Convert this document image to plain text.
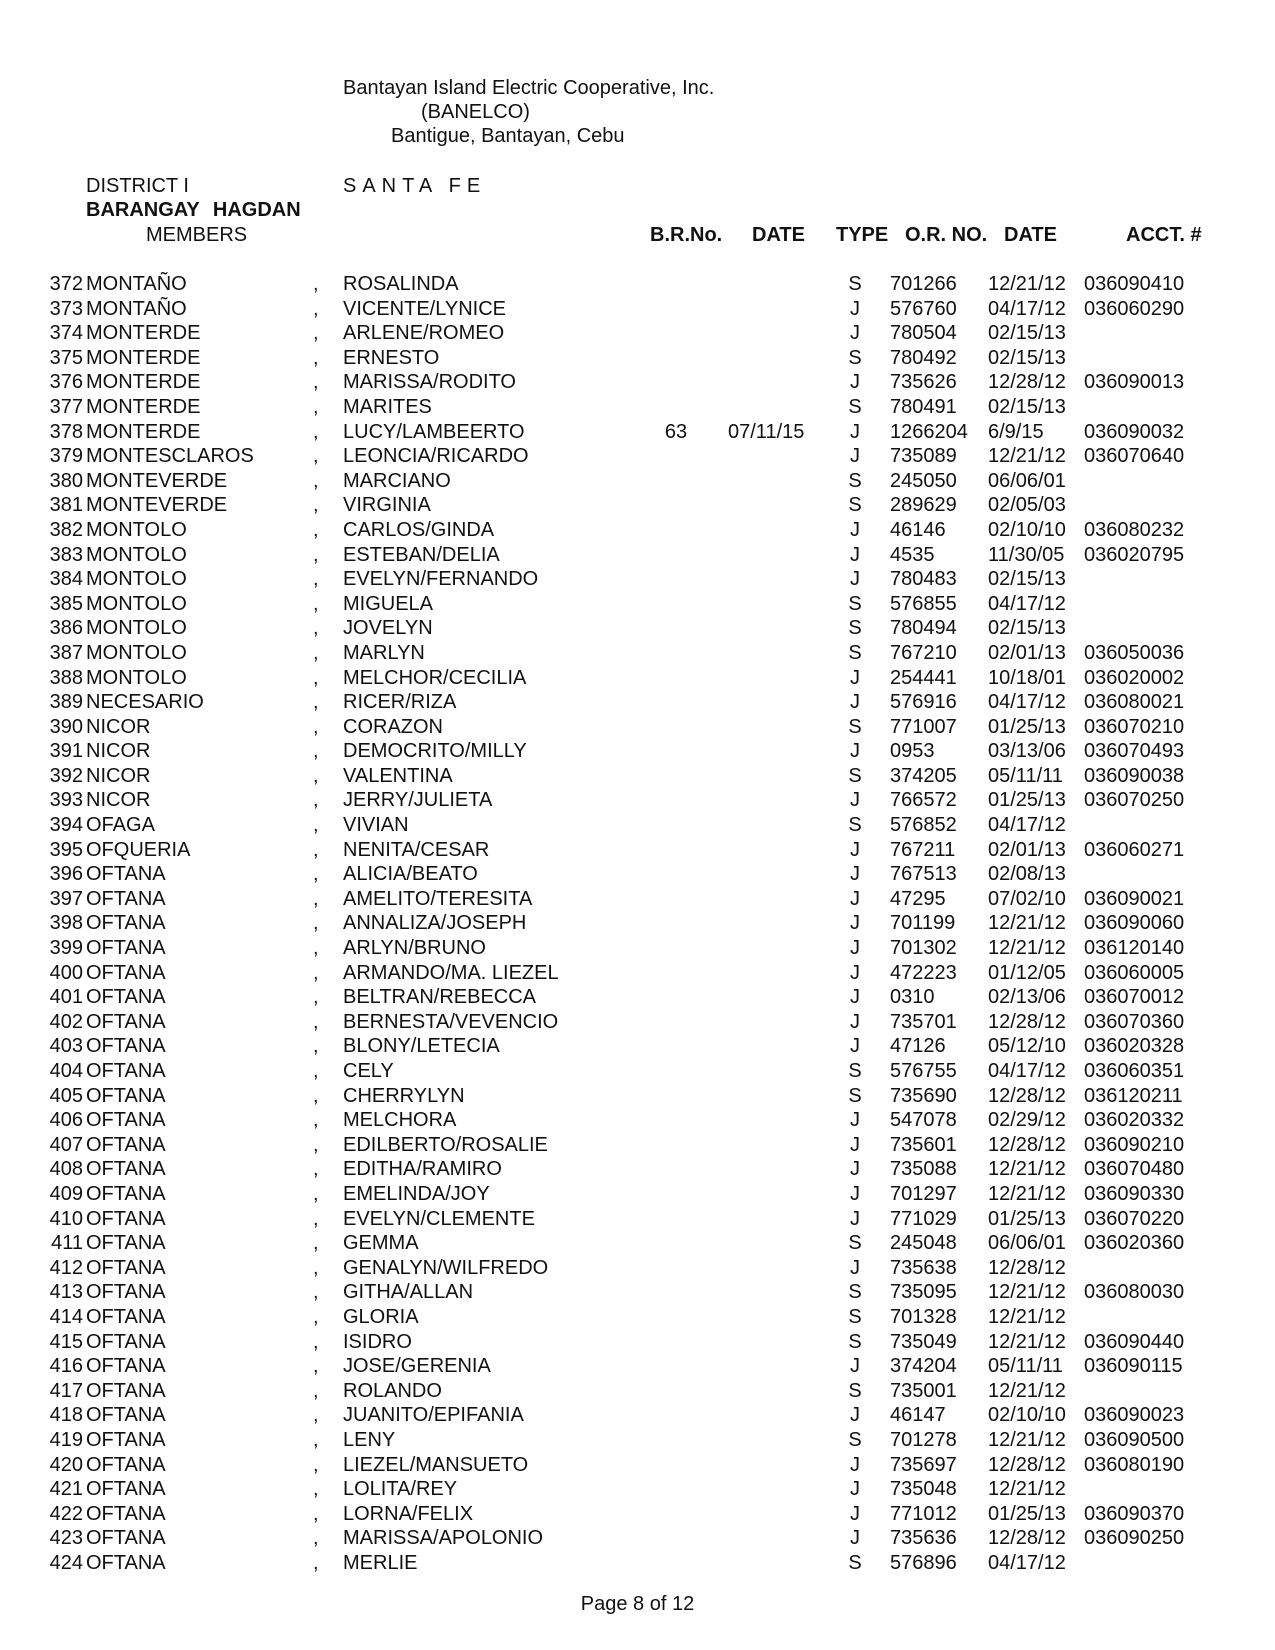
Bantayan Island Electric Cooperative, Inc.
(BANELCO)
Bantigue, Bantayan, Cebu
DISTRICT I	SANTA FE
BARANGAY HAGDAN
MEMBERS	B.R.No. DATE TYPE O.R. NO. DATE	ACCT. #
372 MONTAÑO	, ROSALINDA	S	701266 12/21/12 036090410
373 MONTAÑO	, VICENTE/LYNICE	J	576760 04/17/12 036060290
374 MONTERDE	, ARLENE/ROMEO	J	780504 02/15/13
375 MONTERDE	, ERNESTO	S	780492 02/15/13
376 MONTERDE	, MARISSA/RODITO	J	735626 12/28/12 036090013
377 MONTERDE	, MARITES	S	780491 02/15/13
378 MONTERDE	, LUCY/LAMBEERTO	63 07/11/15	J	1266204 6/9/15 036090032
379 MONTESCLAROS	, LEONCIA/RICARDO	J	735089 12/21/12 036070640
380 MONTEVERDE	, MARCIANO	S	245050 06/06/01
381 MONTEVERDE	, VIRGINIA	S	289629 02/05/03
382 MONTOLO	, CARLOS/GINDA	J	46146 02/10/10 036080232
383 MONTOLO	, ESTEBAN/DELIA	J	4535	11/30/05 036020795
384 MONTOLO	, EVELYN/FERNANDO	J	780483 02/15/13
385 MONTOLO	, MIGUELA	S	576855 04/17/12
386 MONTOLO	, JOVELYN	S	780494 02/15/13
387 MONTOLO	, MARLYN	S	767210 02/01/13 036050036
388 MONTOLO	, MELCHOR/CECILIA	J	254441 10/18/01 036020002
389 NECESARIO	, RICER/RIZA	J	576916 04/17/12 036080021
390 NICOR	, CORAZON	S	771007 01/25/13 036070210
391 NICOR	, DEMOCRITO/MILLY	J	0953	03/13/06 036070493
392 NICOR	, VALENTINA	S	374205 05/11/11 036090038
393 NICOR	, JERRY/JULIETA	J	766572 01/25/13 036070250
394 OFAGA	, VIVIAN	S	576852 04/17/12
395 OFQUERIA	, NENITA/CESAR	J	767211 02/01/13 036060271
396 OFTANA	, ALICIA/BEATO	J	767513 02/08/13
397 OFTANA	, AMELITO/TERESITA	J	47295 07/02/10 036090021
398 OFTANA	, ANNALIZA/JOSEPH	J	701199 12/21/12 036090060
399 OFTANA	, ARLYN/BRUNO	J	701302 12/21/12 036120140
400 OFTANA	, ARMANDO/MA. LIEZEL	J	472223 01/12/05 036060005
401 OFTANA	, BELTRAN/REBECCA	J	0310	02/13/06 036070012
402 OFTANA	, BERNESTA/VEVENCIO	J	735701 12/28/12 036070360
403 OFTANA	, BLONY/LETECIA	J	47126 05/12/10 036020328
404 OFTANA	, CELY	S	576755 04/17/12 036060351
405 OFTANA	, CHERRYLYN	S	735690 12/28/12 036120211
406 OFTANA	, MELCHORA	J	547078 02/29/12 036020332
407 OFTANA	, EDILBERTO/ROSALIE	J	735601 12/28/12 036090210
408 OFTANA	, EDITHA/RAMIRO	J	735088 12/21/12 036070480
409 OFTANA	, EMELINDA/JOY	J	701297 12/21/12 036090330
410 OFTANA	, EVELYN/CLEMENTE	J	771029 01/25/13 036070220
411 OFTANA	, GEMMA	S	245048 06/06/01 036020360
412 OFTANA	, GENALYN/WILFREDO	J	735638 12/28/12
413 OFTANA	, GITHA/ALLAN	S	735095 12/21/12 036080030
414 OFTANA	, GLORIA	S	701328 12/21/12
415 OFTANA	, ISIDRO	S	735049 12/21/12 036090440
416 OFTANA	, JOSE/GERENIA	J	374204 05/11/11 036090115
417 OFTANA	, ROLANDO	S	735001 12/21/12
418 OFTANA	, JUANITO/EPIFANIA	J	46147 02/10/10 036090023
419 OFTANA	, LENY	S	701278 12/21/12 036090500
420 OFTANA	, LIEZEL/MANSUETO	J	735697 12/28/12 036080190
421 OFTANA	, LOLITA/REY	J	735048 12/21/12
422 OFTANA	, LORNA/FELIX	J	771012 01/25/13 036090370
423 OFTANA	, MARISSA/APOLONIO	J	735636 12/28/12 036090250
424 OFTANA	, MERLIE	S	576896 04/17/12
Page 8 of 12
